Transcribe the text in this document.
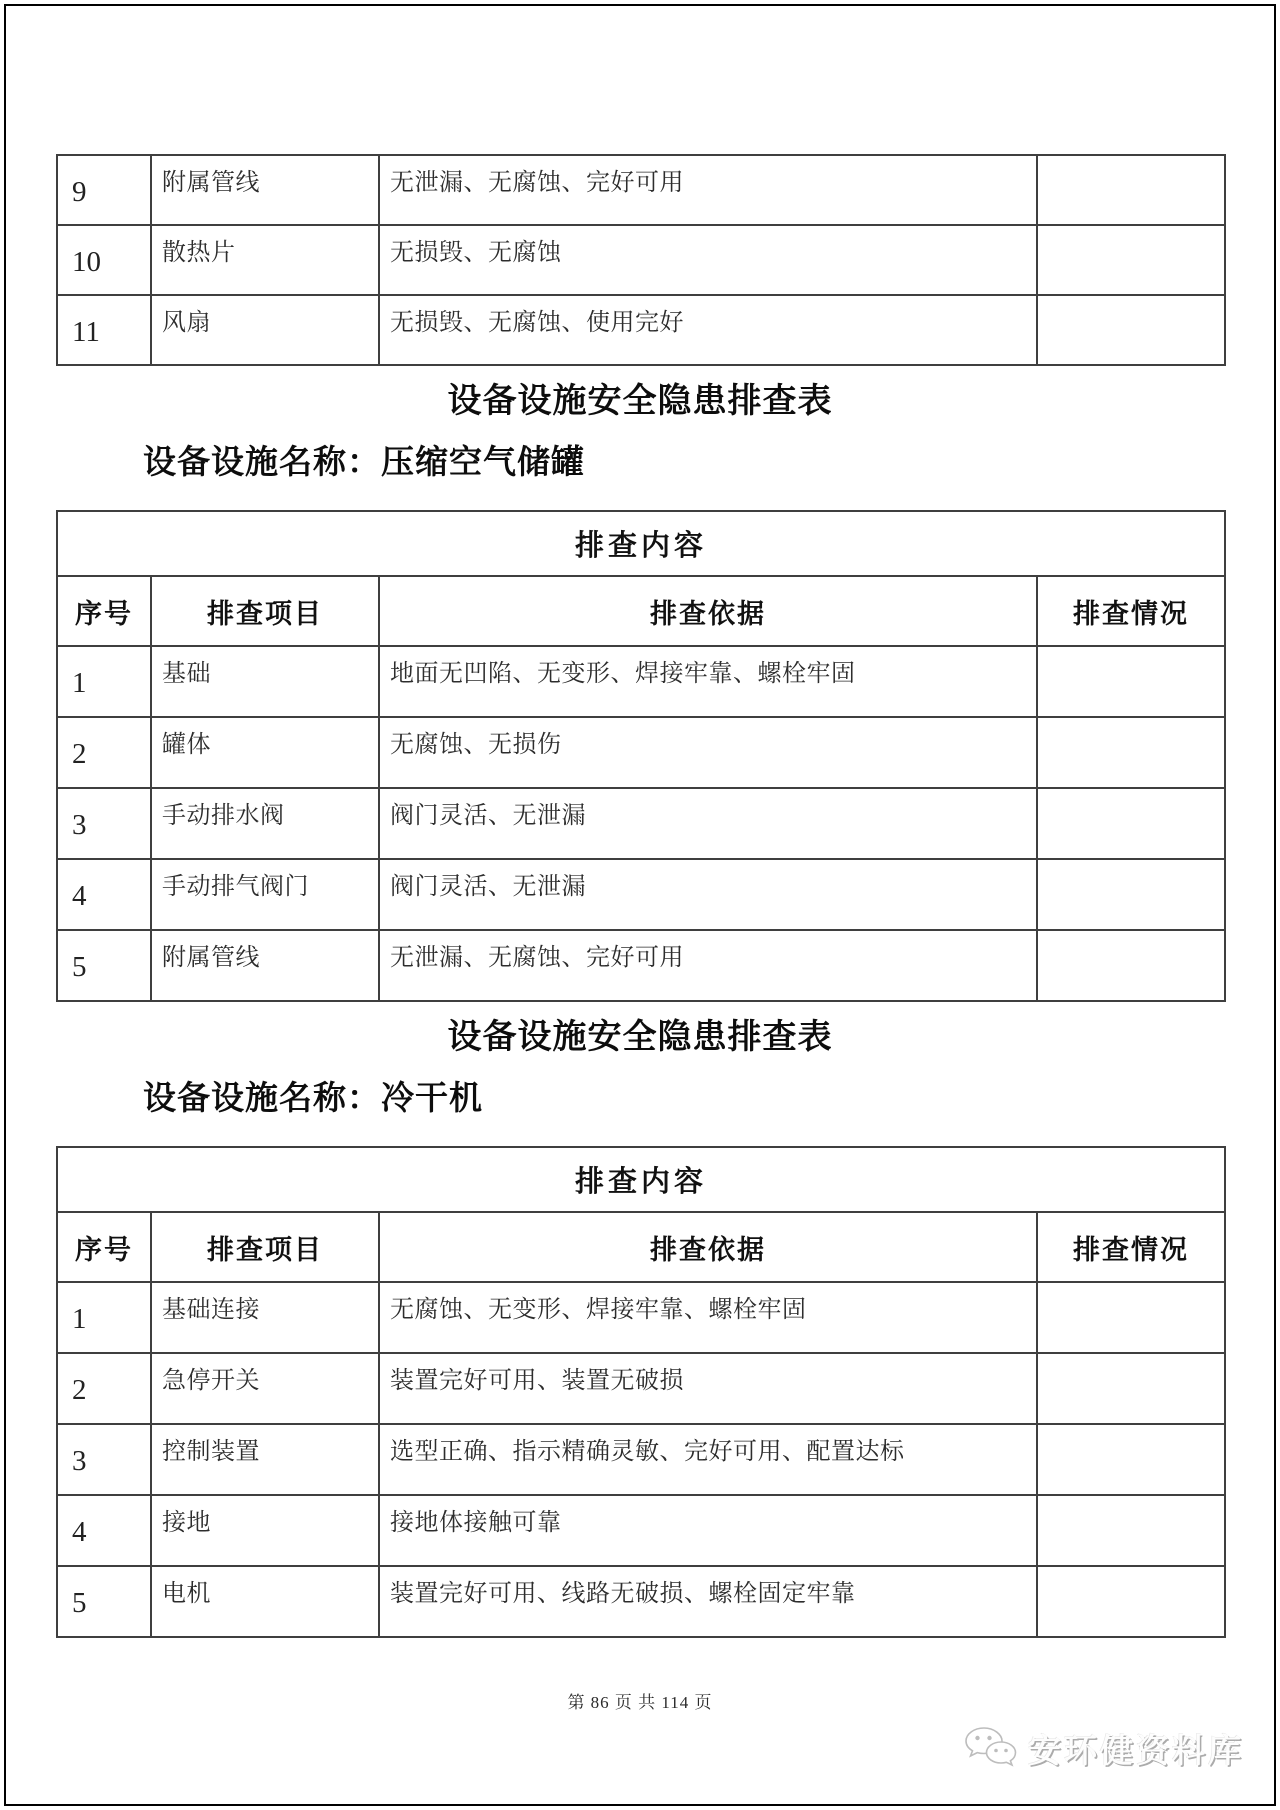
9	附属管线	无泄漏、无腐蚀、完好可用	
10	散热片	无损毁、无腐蚀	
11	风扇	无损毁、无腐蚀、使用完好	
设备设施安全隐患排查表
设备设施名称：压缩空气储罐
排查内容			
序号	排查项目	排查依据	排查情况
1	基础	地面无凹陷、无变形、焊接牢靠、螺栓牢固	
2	罐体	无腐蚀、无损伤	
3	手动排水阀	阀门灵活、无泄漏	
4	手动排气阀门	阀门灵活、无泄漏	
5	附属管线	无泄漏、无腐蚀、完好可用	
设备设施安全隐患排查表
设备设施名称：冷干机
排查内容			
序号	排查项目	排查依据	排查情况
1	基础连接	无腐蚀、无变形、焊接牢靠、螺栓牢固	
2	急停开关	装置完好可用、装置无破损	
3	控制装置	选型正确、指示精确灵敏、完好可用、配置达标	
4	接地	接地体接触可靠	
5	电机	装置完好可用、线路无破损、螺栓固定牢靠	
第 86 页 共 114 页
安环健资料库
